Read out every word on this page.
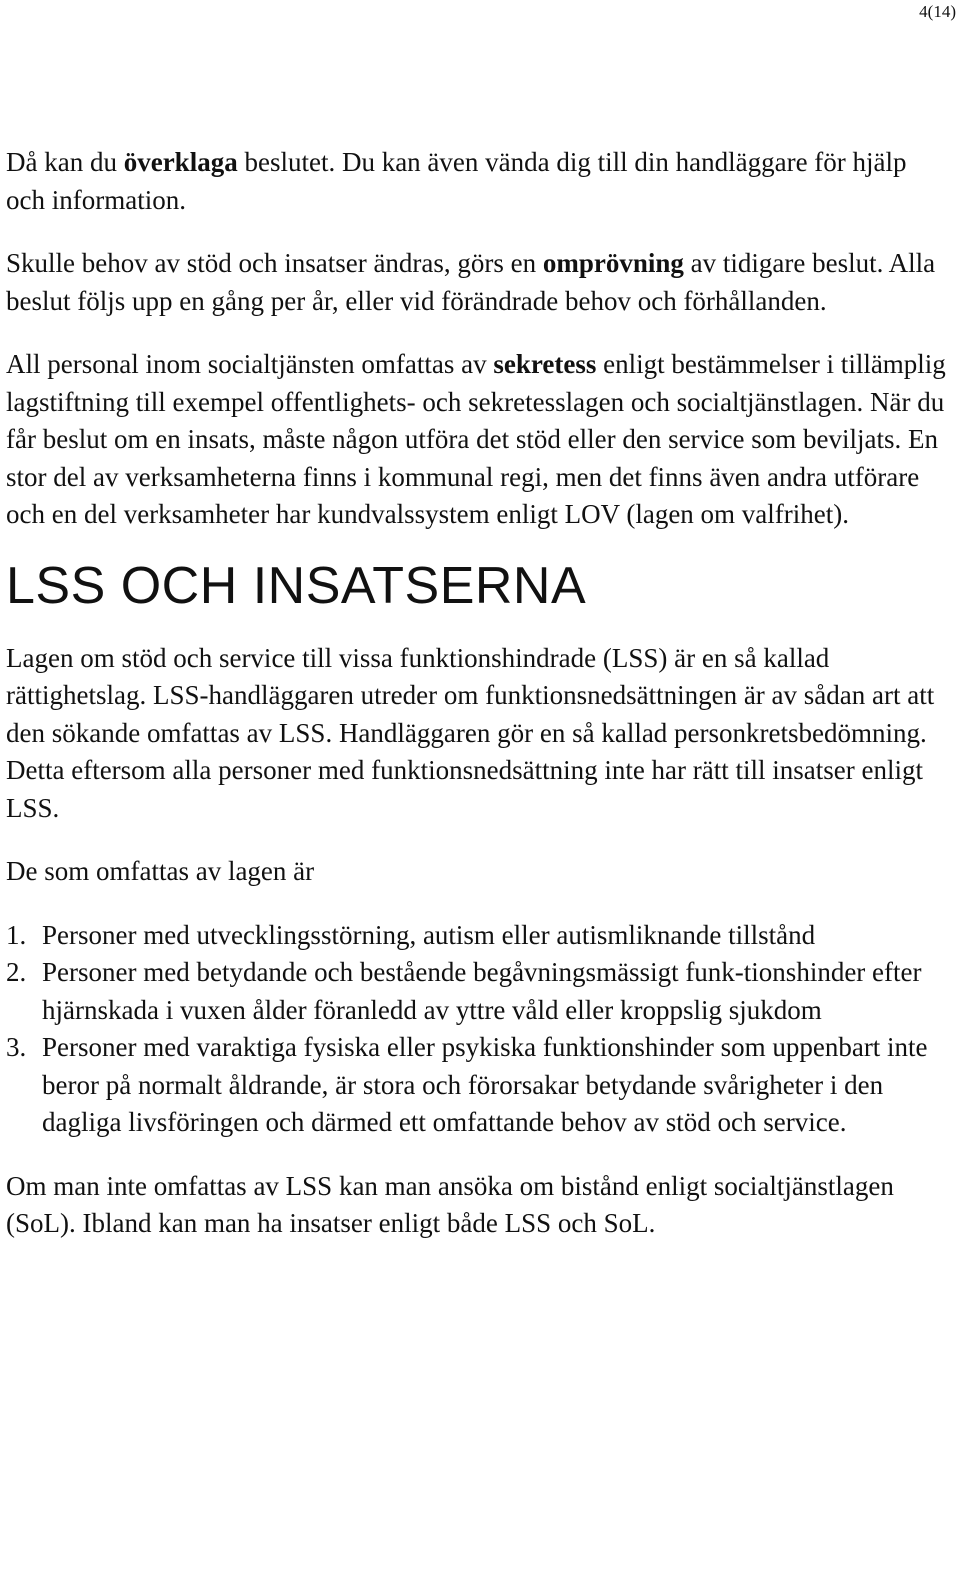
4(14)

Då kan du överklaga beslutet. Du kan även vända dig till din handläggare för hjälp och information.

Skulle behov av stöd och insatser ändras, görs en omprövning av tidigare beslut. Alla beslut följs upp en gång per år, eller vid förändrade behov och förhållanden.

All personal inom socialtjänsten omfattas av sekretess enligt bestämmelser i tillämplig lagstiftning till exempel offentlighets- och sekretesslagen och socialtjänstlagen. När du får beslut om en insats, måste någon utföra det stöd eller den service som beviljats. En stor del av verksamheterna finns i kommunal regi, men det finns även andra utförare och en del verksamheter har kundvalssystem enligt LOV (lagen om valfrihet).

LSS OCH INSATSERNA

Lagen om stöd och service till vissa funktionshindrade (LSS) är en så kallad rättighetslag. LSS-handläggaren utreder om funktionsnedsättningen är av sådan art att den sökande omfattas av LSS. Handläggaren gör en så kallad personkretsbedömning. Detta eftersom alla personer med funktionsnedsättning inte har rätt till insatser enligt LSS.

De som omfattas av lagen är

1. Personer med utvecklingsstörning, autism eller autismliknande tillstånd
2. Personer med betydande och bestående begåvningsmässigt funk-tionshinder efter hjärnskada i vuxen ålder föranledd av yttre våld eller kroppslig sjukdom
3. Personer med varaktiga fysiska eller psykiska funktionshinder som uppenbart inte beror på normalt åldrande, är stora och förorsakar betydande svårigheter i den dagliga livsföringen och därmed ett omfattande behov av stöd och service.

Om man inte omfattas av LSS kan man ansöka om bistånd enligt socialtjänstlagen (SoL). Ibland kan man ha insatser enligt både LSS och SoL.
